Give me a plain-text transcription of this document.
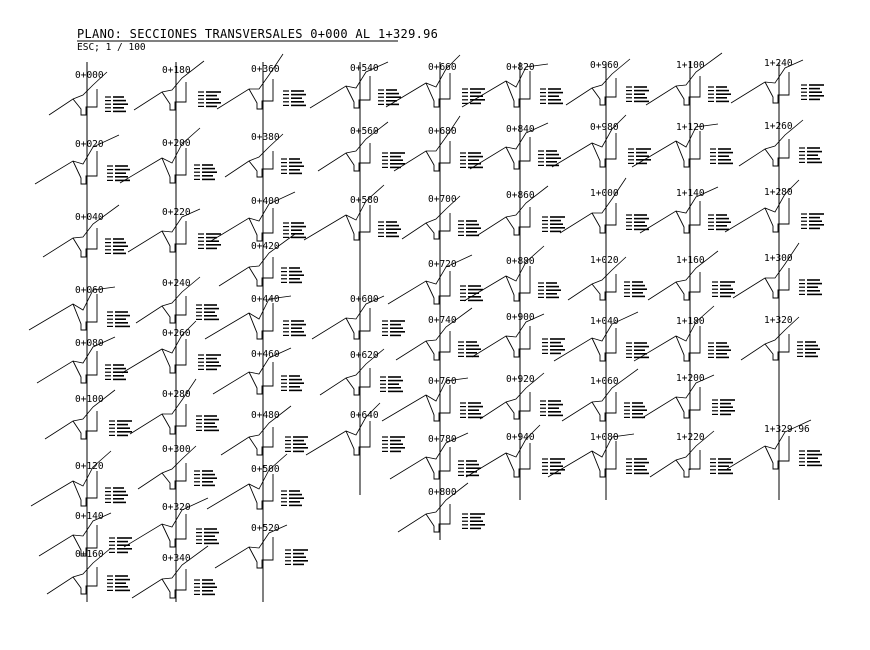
PLANO: SECCIONES TRANSVERSALES 0+000 AL 1+329.96
ESC; 1 / 100
0+000
0+020
0+040
0+060
0+080
0+100
0+120
0+140
0+160
0+180
0+200
0+220
0+240
0+260
0+280
0+300
0+320
0+340
0+360
0+380
0+400
0+420
0+440
0+460
0+480
0+500
0+520
0+540
0+560
0+580
0+600
0+620
0+640
0+660
0+680
0+700
0+720
0+740
0+760
0+780
0+800
0+820
0+840
0+860
0+880
0+900
0+920
0+940
0+960
0+980
1+000
1+020
1+040
1+060
1+080
1+100
1+120
1+140
1+160
1+180
1+200
1+220
1+240
1+260
1+280
1+300
1+320
1+329.96
